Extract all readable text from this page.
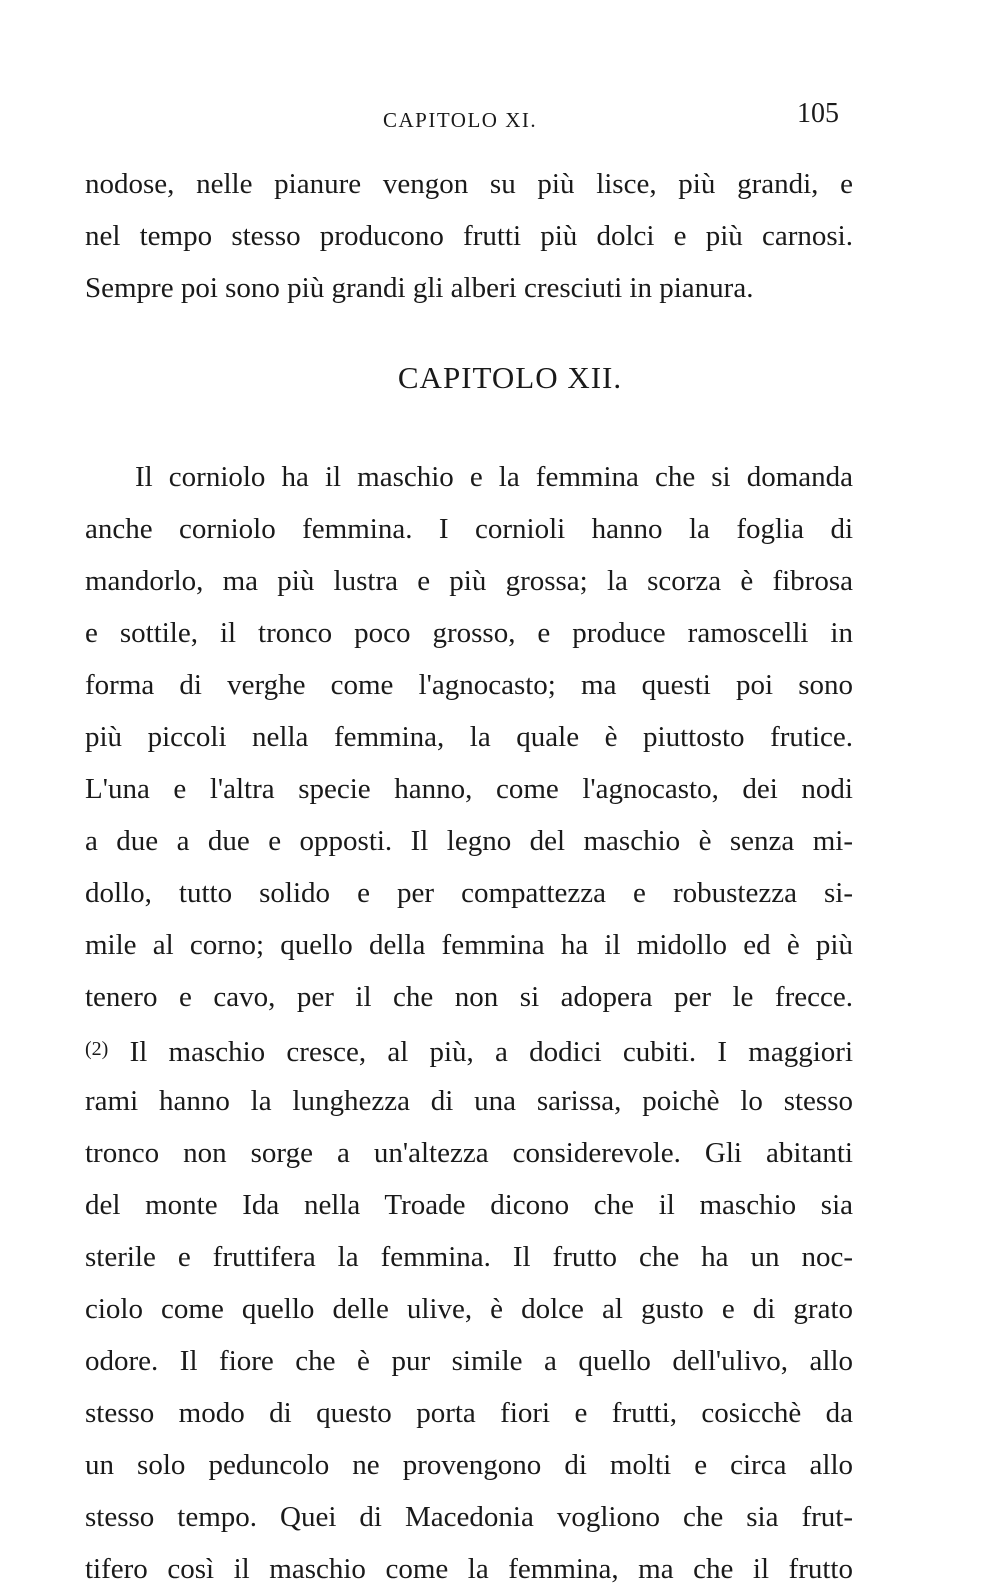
CAPITOLO XI.	105
nodose, nelle pianure vengon su più lisce, più grandi, e
nel tempo stesso producono frutti più dolci e più carnosi.
Sempre poi sono più grandi gli alberi cresciuti in pianura.
CAPITOLO XII.
Il corniolo ha il maschio e la femmina che si domanda
anche corniolo femmina. I cornioli hanno la foglia di
mandorlo, ma più lustra e più grossa; la scorza è fibrosa
e sottile, il tronco poco grosso, e produce ramoscelli in
forma di verghe come l'agnocasto; ma questi poi sono
più piccoli nella femmina, la quale è piuttosto frutice.
L'una e l'altra specie hanno, come l'agnocasto, dei nodi
a due a due e opposti. Il legno del maschio è senza mi-
dollo, tutto solido e per compattezza e robustezza si-
mile al corno; quello della femmina ha il midollo ed è più
tenero e cavo, per il che non si adopera per le frecce.
$^{(2)}$ Il maschio cresce, al più, a dodici cubiti. I maggiori
rami hanno la lunghezza di una sarissa, poichè lo stesso
tronco non sorge a un'altezza considerevole. Gli abitanti
del monte Ida nella Troade dicono che il maschio sia
sterile e fruttifera la femmina. Il frutto che ha un noc-
ciolo come quello delle ulive, è dolce al gusto e di grato
odore. Il fiore che è pur simile a quello dell'ulivo, allo
stesso modo di questo porta fiori e frutti, cosicchè da
un solo peduncolo ne provengono di molti e circa allo
stesso tempo. Quei di Macedonia vogliono che sia frut-
tifero così il maschio come la femmina, ma che il frutto
